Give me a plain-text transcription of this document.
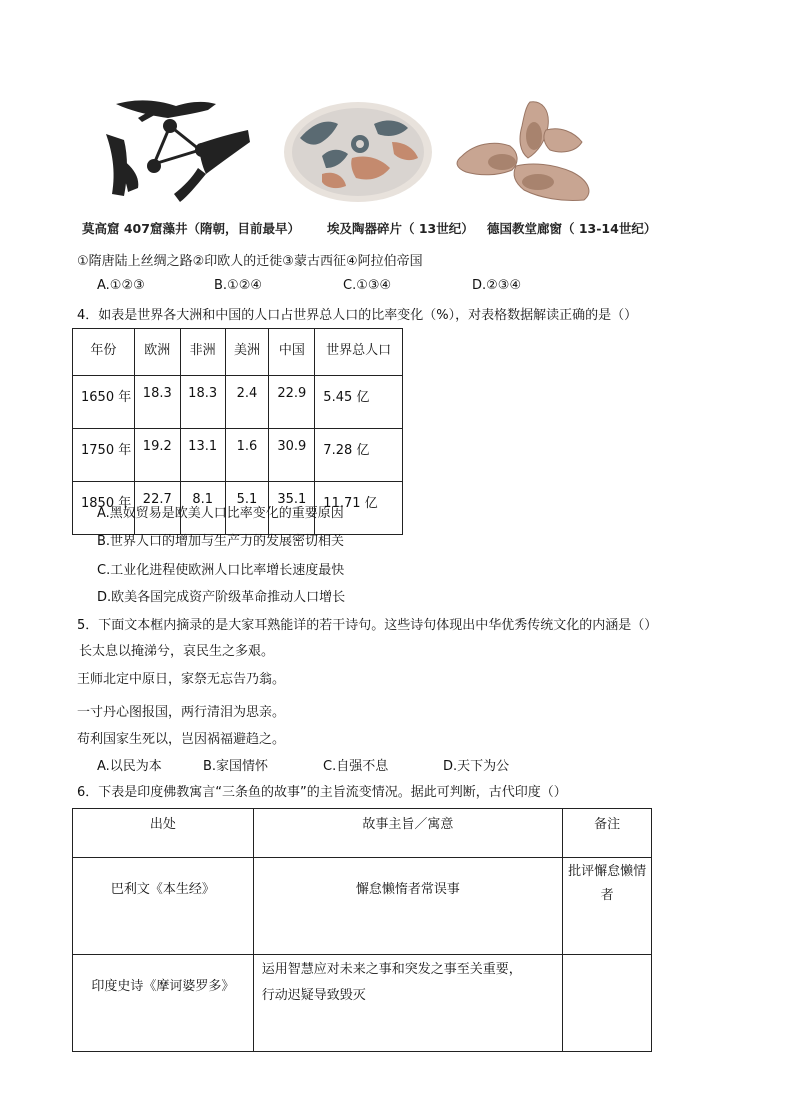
莫高窟 407窟藻井（隋朝，目前最早） 埃及陶器碎片（ 13世纪） 德国教堂廊窗（ 13-14世纪）
①隋唐陆上丝绸之路②印欧人的迁徙③蒙古西征④阿拉伯帝国
A.①②③	B.①②④	C.①③④	D.②③④
4．如表是世界各大洲和中国的人口占世界总人口的比率变化（%），对表格数据解读正确的是（）
年份	欧洲	非洲	美洲	中国	世界总人口
1650 年	18.3	18.3	2.4	22.9	5.45 亿
1750 年	19.2	13.1	1.6	30.9	7.28 亿
1850 年	22.7	8.1	5.1	35.1	11.71 亿
A.黑奴贸易是欧美人口比率变化的重要原因
B.世界人口的增加与生产力的发展密切相关
C.工业化进程使欧洲人口比率增长速度最快
D.欧美各国完成资产阶级革命推动人口增长
5．下面文本框内摘录的是大家耳熟能详的若干诗句。这些诗句体现出中华优秀传统文化的内涵是（）
长太息以掩涕兮，哀民生之多艰。
王师北定中原日，家祭无忘告乃翁。
一寸丹心图报国，两行清泪为思亲。
苟利国家生死以，岂因祸福避趋之。
A.以民为本	B.家国情怀	C.自强不息	D.天下为公
6．下表是印度佛教寓言“三条鱼的故事”的主旨流变情况。据此可判断，古代印度（）
出处	故事主旨／寓意	备注
巴利文《本生经》	懈怠懒惰者常误事	批评懈怠懒情
者

印度史诗《摩诃婆罗多》	运用智慧应对未来之事和突发之事至关重要，
行动迟疑导致毁灭	
